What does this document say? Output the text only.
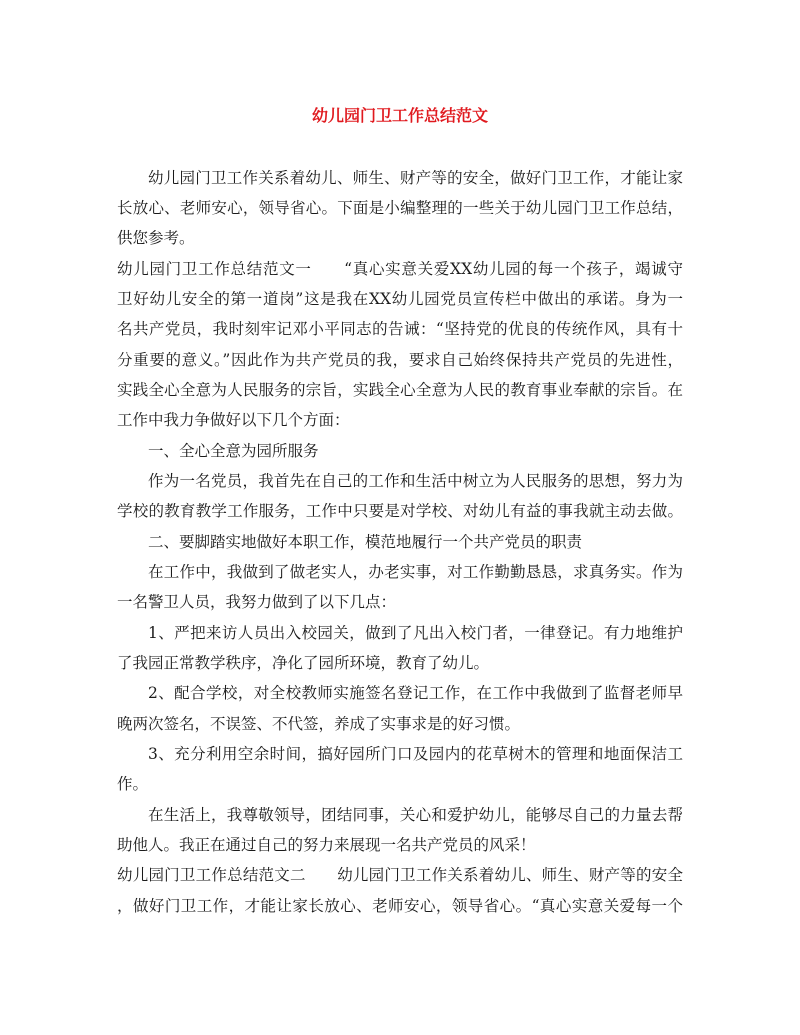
幼儿园门卫工作总结范文
幼儿园门卫工作关系着幼儿、师生、财产等的安全，做好门卫工作，才能让家
长放心、老师安心，领导省心。下面是小编整理的一些关于幼儿园门卫工作总结，
供您参考。
幼儿园门卫工作总结范文一　　“真心实意关爱XX幼儿园的每一个孩子，竭诚守
卫好幼儿安全的第一道岗”这是我在XX幼儿园党员宣传栏中做出的承诺。身为一
名共产党员，我时刻牢记邓小平同志的告诫：“坚持党的优良的传统作风，具有十
分重要的意义。”因此作为共产党员的我，要求自己始终保持共产党员的先进性，
实践全心全意为人民服务的宗旨，实践全心全意为人民的教育事业奉献的宗旨。在
工作中我力争做好以下几个方面：
一、全心全意为园所服务
作为一名党员，我首先在自己的工作和生活中树立为人民服务的思想，努力为
学校的教育教学工作服务，工作中只要是对学校、对幼儿有益的事我就主动去做。
二、要脚踏实地做好本职工作，模范地履行一个共产党员的职责
在工作中，我做到了做老实人，办老实事，对工作勤勤恳恳，求真务实。作为
一名警卫人员，我努力做到了以下几点：
1、严把来访人员出入校园关，做到了凡出入校门者，一律登记。有力地维护
了我园正常教学秩序，净化了园所环境，教育了幼儿。
2、配合学校，对全校教师实施签名登记工作，在工作中我做到了监督老师早
晚两次签名，不误签、不代签，养成了实事求是的好习惯。
3、充分利用空余时间，搞好园所门口及园内的花草树木的管理和地面保洁工
作。
在生活上，我尊敬领导，团结同事，关心和爱护幼儿，能够尽自己的力量去帮
助他人。我正在通过自己的努力来展现一名共产党员的风采！
幼儿园门卫工作总结范文二　　幼儿园门卫工作关系着幼儿、师生、财产等的安全
，做好门卫工作，才能让家长放心、老师安心，领导省心。“真心实意关爱每一个
